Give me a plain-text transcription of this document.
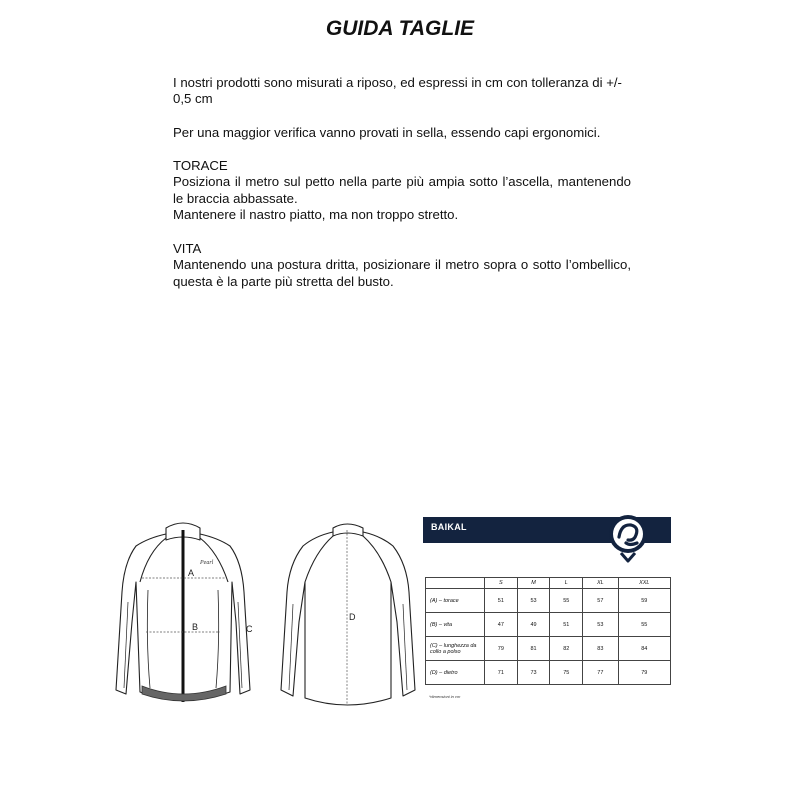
GUIDA TAGLIE

I nostri prodotti sono misurati a riposo, ed espressi in cm con tolleranza di +/- 0,5 cm

Per una maggior verifica vanno provati in sella, essendo capi ergonomici.

TORACE

Posiziona il metro sul petto nella parte più ampia sotto l’ascella, mantenendo le braccia abbassate.

Mantenere il nastro piatto, ma non troppo stretto.

VITA

Mantenendo una postura dritta, posizionare il metro sopra o sotto l’ombellico, questa è la parte più stretta del busto.

A
B	C
Pearl
D
BAIKAL
	S	M	L	XL	XXL
(A) – torace	51	53	55	57	59
(B) – vita	47	49	51	53	55
(C) – lunghezza da collo a polso	79	81	82	83	84
(D) – dietro	71	73	75	77	79
*dimensioni in cm
